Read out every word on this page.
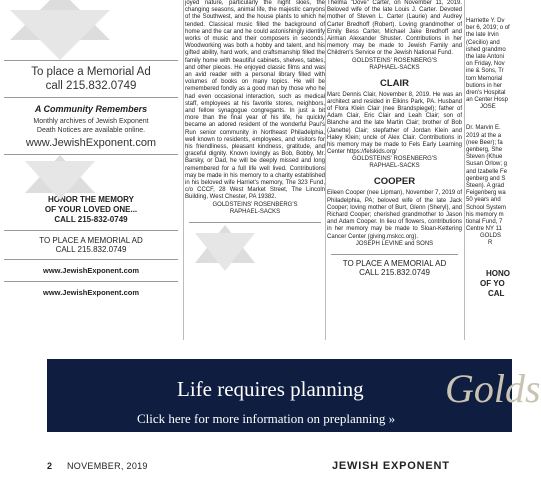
To place a Memorial Ad
call 215.832.0749
A Community Remembers
Monthly archives of Jewish Exponent
Death Notices are available online.
www.JewishExponent.com
HONOR THE MEMORY
OF YOUR LOVED ONE...
CALL 215-832-0749
TO PLACE A MEMORIAL AD
CALL 215.832.0749
www.JewishExponent.com
www.JewishExponent.com
joyed nature, particularly the night skies, the changing seasons, animal life, the majestic canyons of the Southwest, and the house plants to which he tended. Classical music filled the background of home and the car and he could astonishingly identify works of music and their composers in seconds. Woodworking was both a hobby and talent, and his gifted ability, hard work, and craftsmanship filled the family home with beautiful cabinets, shelves, tables, and other pieces. He enjoyed classic films and was an avid reader with a personal library filled with volumes of books on many topics. He will be remembered fondly as a good man by those who he had even occasional interaction, such as medical staff, employees at his favorite stores, neighbors, and fellow synagogue congregants. In just a bit more than the final year of his life, he quickly became an adored resident of the wonderful Paul's Run senior community in Northeast Philadelphia, well known to residents, employees, and visitors for his friendliness, pleasant kindness, gratitude, and graceful dignity. Known lovingly as Bob, Bobby, Mr. Barsky, or Dad, he will be deeply missed and long remembered for a full life well lived. Contributions may be made in his memory to a charity established in his beloved wife Harriet's memory, The 323 Fund, c/o CCCF, 28 West Market Street, The Lincoln Building, West Chester, PA 19382.
GOLDSTEINS' ROSENBERG'S
RAPHAEL-SACKS
Thelma "Dove" Carter, on November 11, 2019. Beloved wife of the late Louis J. Carter. Devoted mother of Steven L. Carter (Laurie) and Audrey Carter Bredhoff (Robert). Loving grandmother of Emily Bess Carter, Michael Jake Bredhoff and Airman Alexander Shuster. Contributions in her memory may be made to Jewish Family and Children's Service or the Jewish National Fund.
GOLDSTEINS' ROSENBERG'S
RAPHAEL-SACKS
CLAIR
Marc Dennis Clair, November 8, 2019. He was an architect and resided in Elkins Park, PA. Husband of Flora Klein Clair (nee Brandspiegel); father of Adam Clair, Eric Clair and Leah Clair; son of Blanche and the late Martin Clair; brother of Bob (Janette) Clair; stepfather of Jordan Klein and Haley Klein; uncle of Alex Clair. Contributions in his memory may be made to Fels Early Learning Center https://felskids.org/
GOLDSTEINS' ROSENBERG'S
RAPHAEL-SACKS
COOPER
Eileen Cooper (nee Lipman), November 7, 2019 of Philadelphia, PA; beloved wife of the late Jack Cooper; loving mother of Burt, Glenn (Sheryl), and Richard Cooper; cherished grandmother to Jason and Adam Cooper. In lieu of flowers, contributions in her memory may be made to Sloan-Kettering Cancer Center (giving.mskcc.org).
JOSEPH LEVINE and SONS
TO PLACE A MEMORIAL AD
CALL 215.832.0749
Harriette Y. Dv ber 6, 2019; o of the late Irvin (Cecilio) and ished grandmo the late Antoni on Friday, Nov ine & Sons, Tr tom Memorial butions in her dren's Hospital an Center Hosp
JOSE
Dr. Marvin E. 2019 at the a (nee Beer); fa genberg, She Steven (Khue Susan Orlow; g and Izabelle Fe genberg and S Steen). A grad Feigenberg wa 50 years and School System his memory m tional Fund, 7 Centre NY 11
GOLDS
R
HONO
OF YO
CAL
Life requires planning
Click here for more information on preplanning »
Golds
2 NOVEMBER, 2019	JEWISH EXPONENT
